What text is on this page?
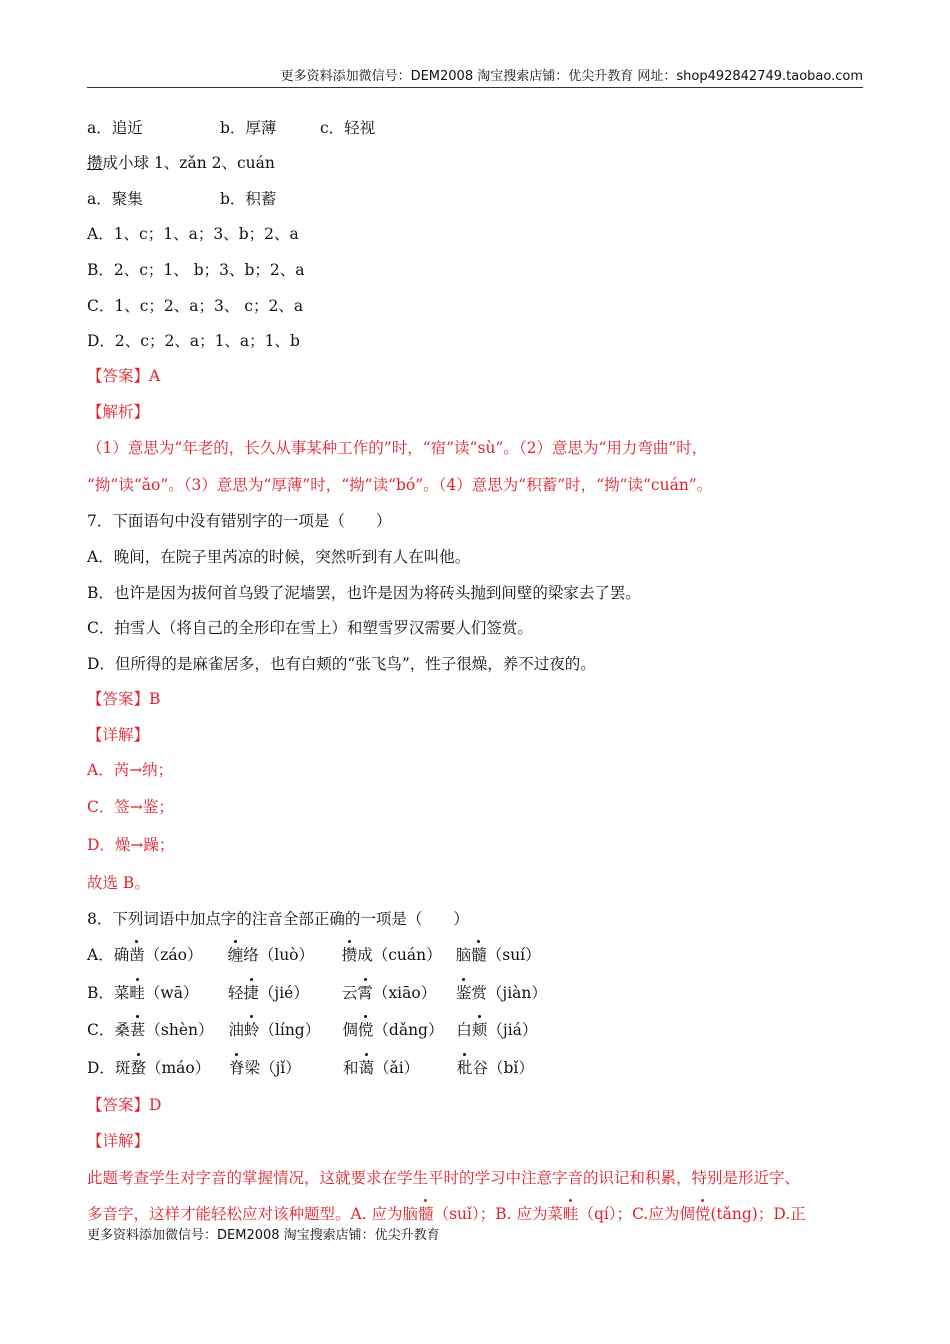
更多资料添加微信号：DEM2008 淘宝搜索店铺：优尖升教育 网址：shop492842749.taobao.com
a．追近	b．厚薄	c．轻视
攒成小球 1、zǎn 2、cuán
a．聚集	b．积蓄
A．1、c；1、a；3、b；2、a
B．2、c；1、 b；3、b；2、a
C．1、c；2、a；3、 c；2、a
D．2、c；2、a；1、a；1、b
【答案】A
【解析】
（1）意思为“年老的，长久从事某种工作的”时，“宿”读“sù”。（2）意思为“用力弯曲”时，
“拗”读“ǎo”。（3）意思为“厚薄”时，“拗”读“bó”。（4）意思为“积蓄”时，“拗”读“cuán”。
7．下面语句中没有错别字的一项是（　　）
A．晚间，在院子里芮凉的时候，突然听到有人在叫他。
B．也许是因为拔何首乌毁了泥墙罢，也许是因为将砖头抛到间壁的梁家去了罢。
C．拍雪人（将自己的全形印在雪上）和塑雪罗汉需要人们签赏。
D．但所得的是麻雀居多，也有白颊的“张飞鸟”，性子很燥，养不过夜的。
【答案】B
【详解】
A．芮→纳；
C．签→鉴；
D．燥→躁；
故选 B。
8．下列词语中加点字的注音全部正确的一项是（　　）
A．确凿（záo） 缠络（luò） 攒成（cuán） 脑髓（suí）
B．菜畦（wā） 轻捷（jié） 云霄（xiāo） 鉴赏（jiàn）
C．桑葚（shèn） 油蛉（líng） 倜傥（dǎng） 白颊（jiá）
D．斑蝥（máo） 脊梁（jǐ）	和蔼（ǎi） 秕谷（bǐ）
【答案】D
【详解】
此题考查学生对字音的掌握情况，这就要求在学生平时的学习中注意字音的识记和积累，特别是形近字、
多音字，这样才能轻松应对该种题型。A. 应为脑髓（suǐ）；B. 应为菜畦（qí）；C.应为倜傥(tǎng)；D.正
更多资料添加微信号：DEM2008 淘宝搜索店铺：优尖升教育
